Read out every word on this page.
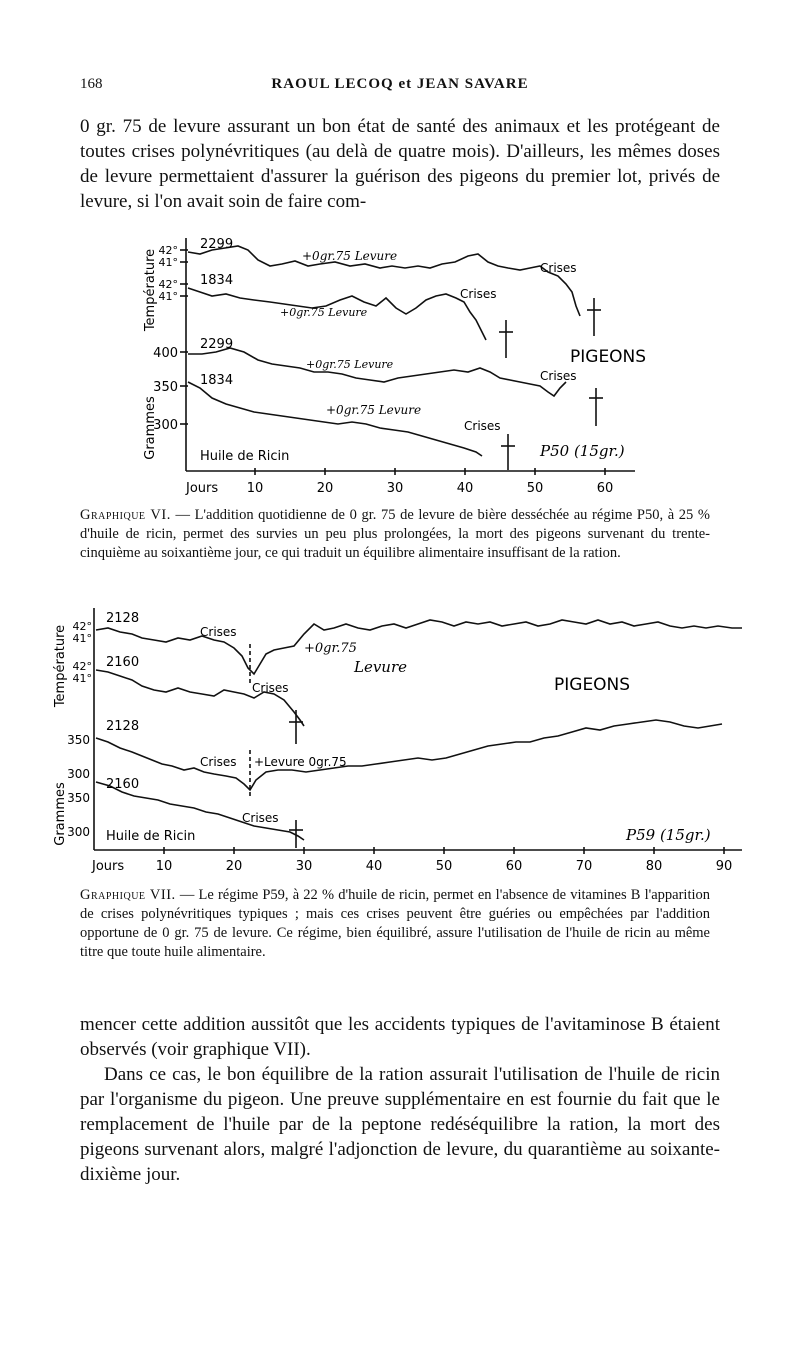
168	RAOUL LECOQ et JEAN SAVARE

0 gr. 75 de levure assurant un bon état de santé des animaux et les protégeant de toutes crises polynévritiques (au delà de quatre mois). D'ailleurs, les mêmes doses de levure permettaient d'assurer la guérison des pigeons du premier lot, privés de levure, si l'on avait soin de faire com-

Température
Grammes
42°
41°
42°
41°
400
350
300
Jours 10	20	30	40	50	60
2299
1834
2299
1834
+0gr.75 Levure
+0gr.75 Levure
+0gr.75 Levure
+0gr.75 Levure
Crises
Crises
Crises
Crises
PIGEONS
Huile de Ricin	P50 (15gr.)

Graphique VI. — L'addition quotidienne de 0 gr. 75 de levure de bière desséchée au régime P50, à 25 % d'huile de ricin, permet des survies un peu plus prolongées, la mort des pigeons survenant du trente-cinquième au soixantième jour, ce qui traduit un équilibre alimentaire insuffisant de la ration.

Température
Grammes
42°
41°
42°
41°
350
300
350
300
Jours 10	20	30	40	50	60	70	80	90
2128
2160
2128
2160
Crises
Crises
Crises +Levure 0gr.75
Crises
+0gr.75
Levure
PIGEONS
Huile de Ricin	P59 (15gr.)

Graphique VII. — Le régime P59, à 22 % d'huile de ricin, permet en l'absence de vitamines B l'apparition de crises polynévritiques typiques ; mais ces crises peuvent être guéries ou empêchées par l'addition opportune de 0 gr. 75 de levure. Ce régime, bien équilibré, assure l'utilisation de l'huile de ricin au même titre que toute huile alimentaire.

mencer cette addition aussitôt que les accidents typiques de l'avitaminose B étaient observés (voir graphique VII).

Dans ce cas, le bon équilibre de la ration assurait l'utilisation de l'huile de ricin par l'organisme du pigeon. Une preuve supplémentaire en est fournie du fait que le remplacement de l'huile par de la peptone redéséquilibre la ration, la mort des pigeons survenant alors, malgré l'adjonction de levure, du quarantième au soixante-dixième jour.
